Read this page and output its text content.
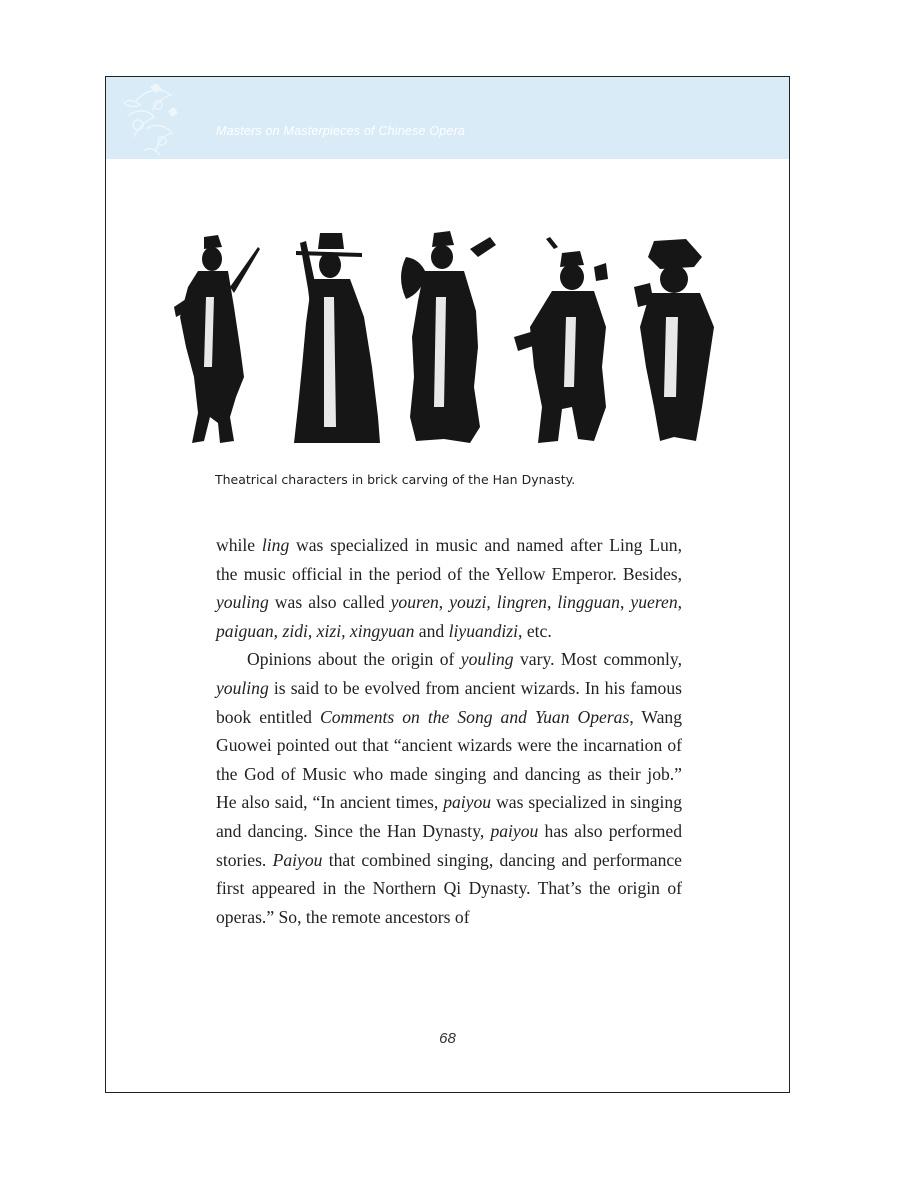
Masters on Masterpieces of Chinese Opera
Theatrical characters in brick carving of the Han Dynasty.

while ling was specialized in music and named after Ling Lun, the music official in the period of the Yellow Emperor. Besides, youling was also called youren, youzi, lingren, lingguan, yueren, paiguan, zidi, xizi, xingyuan and liyuandizi, etc.

Opinions about the origin of youling vary. Most commonly, youling is said to be evolved from ancient wizards. In his famous book entitled Comments on the Song and Yuan Operas, Wang Guowei pointed out that “ancient wizards were the incarnation of the God of Music who made singing and dancing as their job.” He also said, “In ancient times, paiyou was specialized in singing and dancing. Since the Han Dynasty, paiyou has also performed stories. Paiyou that combined singing, dancing and performance first appeared in the Northern Qi Dynasty. That’s the origin of operas.” So, the remote ancestors of

68
